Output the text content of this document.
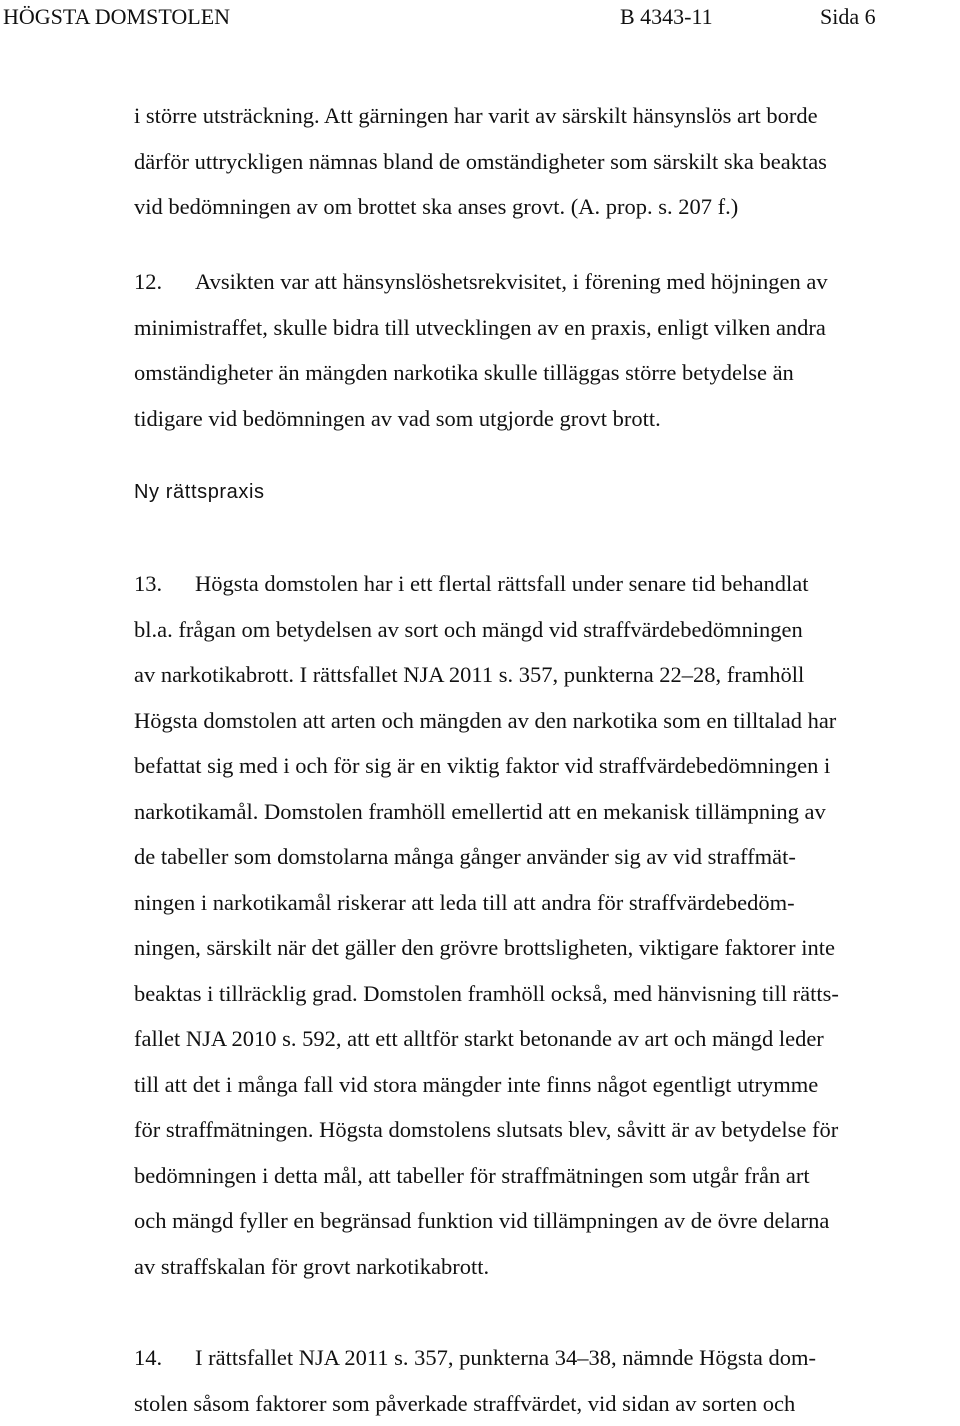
HÖGSTA DOMSTOLEN	B 4343-11	Sida 6
i större utsträckning. Att gärningen har varit av särskilt hänsynslös art borde
därför uttryckligen nämnas bland de omständigheter som särskilt ska beaktas
vid bedömningen av om brottet ska anses grovt. (A. prop. s. 207 f.)
12. Avsikten var att hänsynslöshetsrekvisitet, i förening med höjningen av
minimistraffet, skulle bidra till utvecklingen av en praxis, enligt vilken andra
omständigheter än mängden narkotika skulle tilläggas större betydelse än
tidigare vid bedömningen av vad som utgjorde grovt brott.
Ny rättspraxis
13. Högsta domstolen har i ett flertal rättsfall under senare tid behandlat
bl.a. frågan om betydelsen av sort och mängd vid straffvärdebedömningen
av narkotikabrott. I rättsfallet NJA 2011 s. 357, punkterna 22–28, framhöll
Högsta domstolen att arten och mängden av den narkotika som en tilltalad har
befattat sig med i och för sig är en viktig faktor vid straffvärdebedömningen i
narkotikamål. Domstolen framhöll emellertid att en mekanisk tillämpning av
de tabeller som domstolarna många gånger använder sig av vid straffmät-
ningen i narkotikamål riskerar att leda till att andra för straffvärdebedöm-
ningen, särskilt när det gäller den grövre brottsligheten, viktigare faktorer inte
beaktas i tillräcklig grad. Domstolen framhöll också, med hänvisning till rätts-
fallet NJA 2010 s. 592, att ett alltför starkt betonande av art och mängd leder
till att det i många fall vid stora mängder inte finns något egentligt utrymme
för straffmätningen. Högsta domstolens slutsats blev, såvitt är av betydelse för
bedömningen i detta mål, att tabeller för straffmätningen som utgår från art
och mängd fyller en begränsad funktion vid tillämpningen av de övre delarna
av straffskalan för grovt narkotikabrott.
14. I rättsfallet NJA 2011 s. 357, punkterna 34–38, nämnde Högsta dom-
stolen såsom faktorer som påverkade straffvärdet, vid sidan av sorten och
